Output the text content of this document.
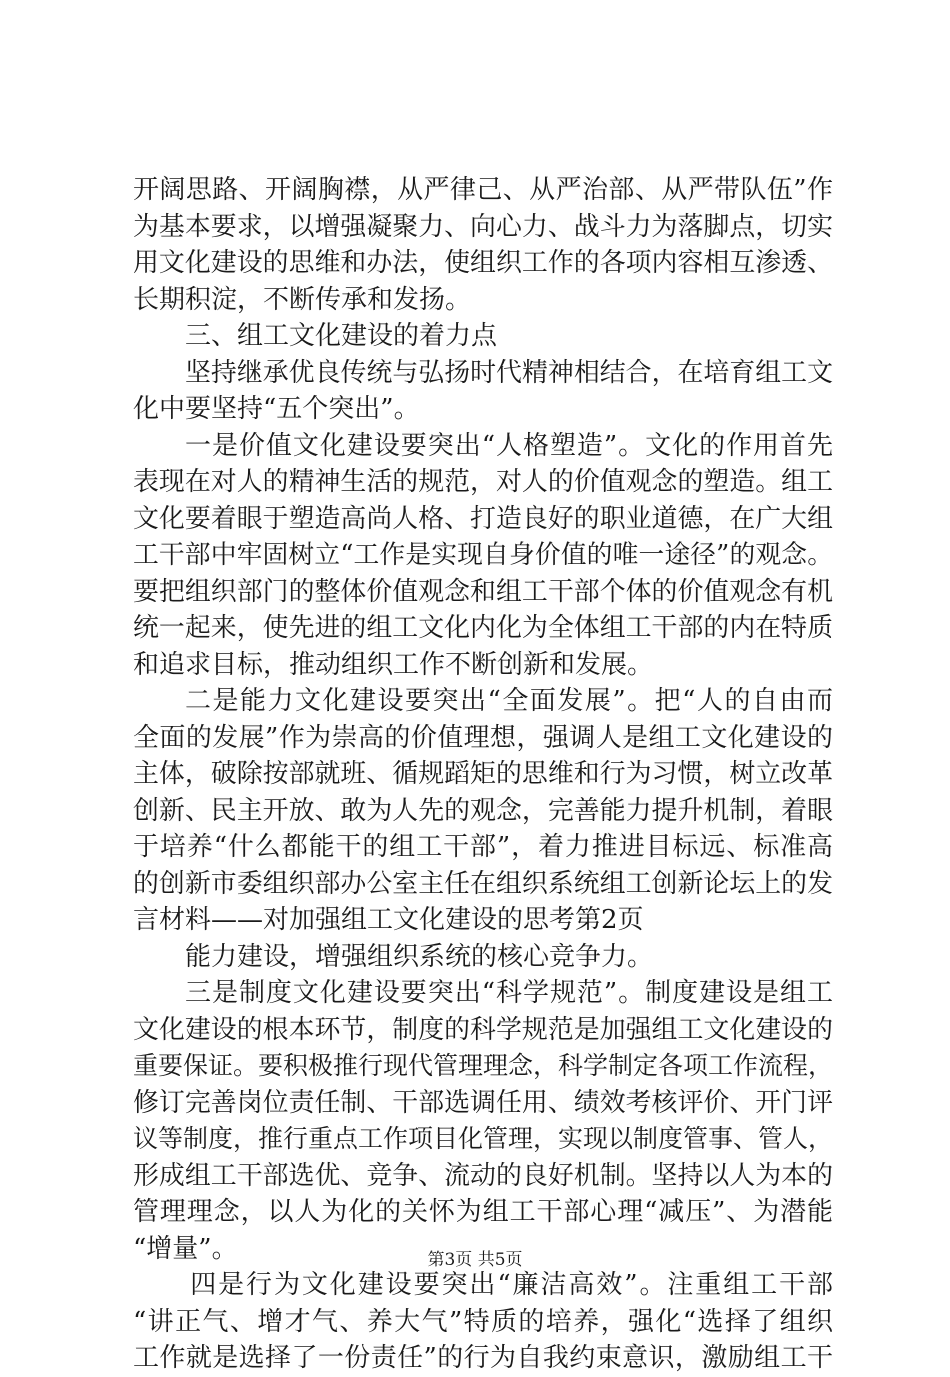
开阔思路、开阔胸襟，从严律己、从严治部、从严带队伍”作
为基本要求，以增强凝聚力、向心力、战斗力为落脚点，切实
用文化建设的思维和办法，使组织工作的各项内容相互渗透、
长期积淀，不断传承和发扬。
三、组工文化建设的着力点
坚持继承优良传统与弘扬时代精神相结合，在培育组工文
化中要坚持“五个突出”。
一是价值文化建设要突出“人格塑造”。文化的作用首先
表现在对人的精神生活的规范，对人的价值观念的塑造。组工
文化要着眼于塑造高尚人格、打造良好的职业道德，在广大组
工干部中牢固树立“工作是实现自身价值的唯一途径”的观念。
要把组织部门的整体价值观念和组工干部个体的价值观念有机
统一起来，使先进的组工文化内化为全体组工干部的内在特质
和追求目标，推动组织工作不断创新和发展。
二是能力文化建设要突出“全面发展”。把“人的自由而
全面的发展”作为崇高的价值理想，强调人是组工文化建设的
主体，破除按部就班、循规蹈矩的思维和行为习惯，树立改革
创新、民主开放、敢为人先的观念，完善能力提升机制，着眼
于培养“什么都能干的组工干部”，着力推进目标远、标准高
的创新市委组织部办公室主任在组织系统组工创新论坛上的发
言材料——对加强组工文化建设的思考第2页
能力建设，增强组织系统的核心竞争力。
三是制度文化建设要突出“科学规范”。制度建设是组工
文化建设的根本环节，制度的科学规范是加强组工文化建设的
重要保证。要积极推行现代管理理念，科学制定各项工作流程，
修订完善岗位责任制、干部选调任用、绩效考核评价、开门评
议等制度，推行重点工作项目化管理，实现以制度管事、管人，
形成组工干部选优、竞争、流动的良好机制。坚持以人为本的
管理理念，以人为化的关怀为组工干部心理“减压”、为潜能
“增量”。
四是行为文化建设要突出“廉洁高效”。注重组工干部
“讲正气、增才气、养大气”特质的培养，强化“选择了组织
工作就是选择了一份责任”的行为自我约束意识，激励组工干
第3页 共5页
